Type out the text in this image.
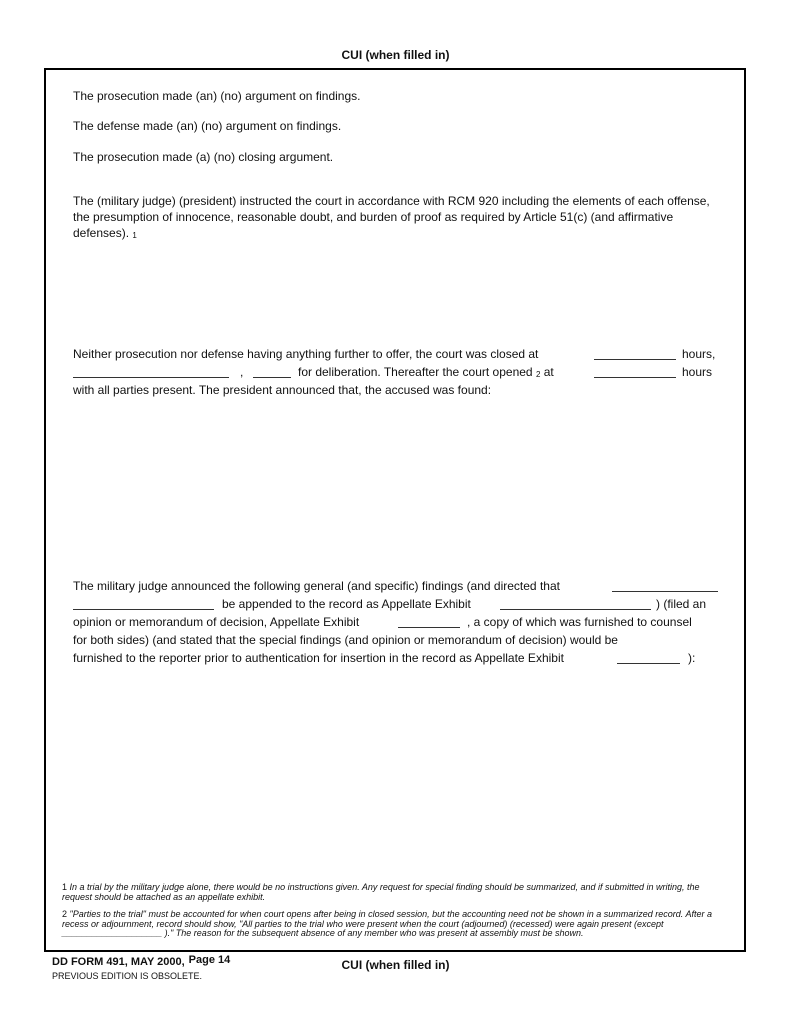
CUI (when filled in)
The prosecution made (an) (no) argument on findings.
The defense made (an) (no) argument on findings.
The prosecution made (a) (no) closing argument.
The (military judge) (president) instructed the court in accordance with RCM 920 including the elements of each offense, the presumption of innocence, reasonable doubt, and burden of proof as required by Article 51(c) (and affirmative defenses). $^1$
Neither prosecution nor defense having anything further to offer, the court was closed at	hours,
,	for deliberation. Thereafter the court opened $^2$ at	hours
with all parties present. The president announced that, the accused was found:
The military judge announced the following general (and specific) findings (and directed that
be appended to the record as Appellate Exhibit	) (filed an
opinion or memorandum of decision, Appellate Exhibit	, a copy of which was furnished to counsel
for both sides) (and stated that the special findings (and opinion or memorandum of decision) would be
furnished to the reporter prior to authentication for insertion in the record as Appellate Exhibit	):
1 In a trial by the military judge alone, there would be no instructions given. Any request for special finding should be summarized, and if submitted in writing, the request should be attached as an appellate exhibit.
2 "Parties to the trial" must be accounted for when court opens after being in closed session, but the accounting need not be shown in a summarized record. After a recess or adjournment, record should show, "All parties to the trial who were present when the court (adjourned) (recessed) were again present (except ____________________ )." The reason for the subsequent absence of any member who was present at assembly must be shown.
DD FORM 491, MAY 2000, Page 14
PREVIOUS EDITION IS OBSOLETE.
CUI (when filled in)
